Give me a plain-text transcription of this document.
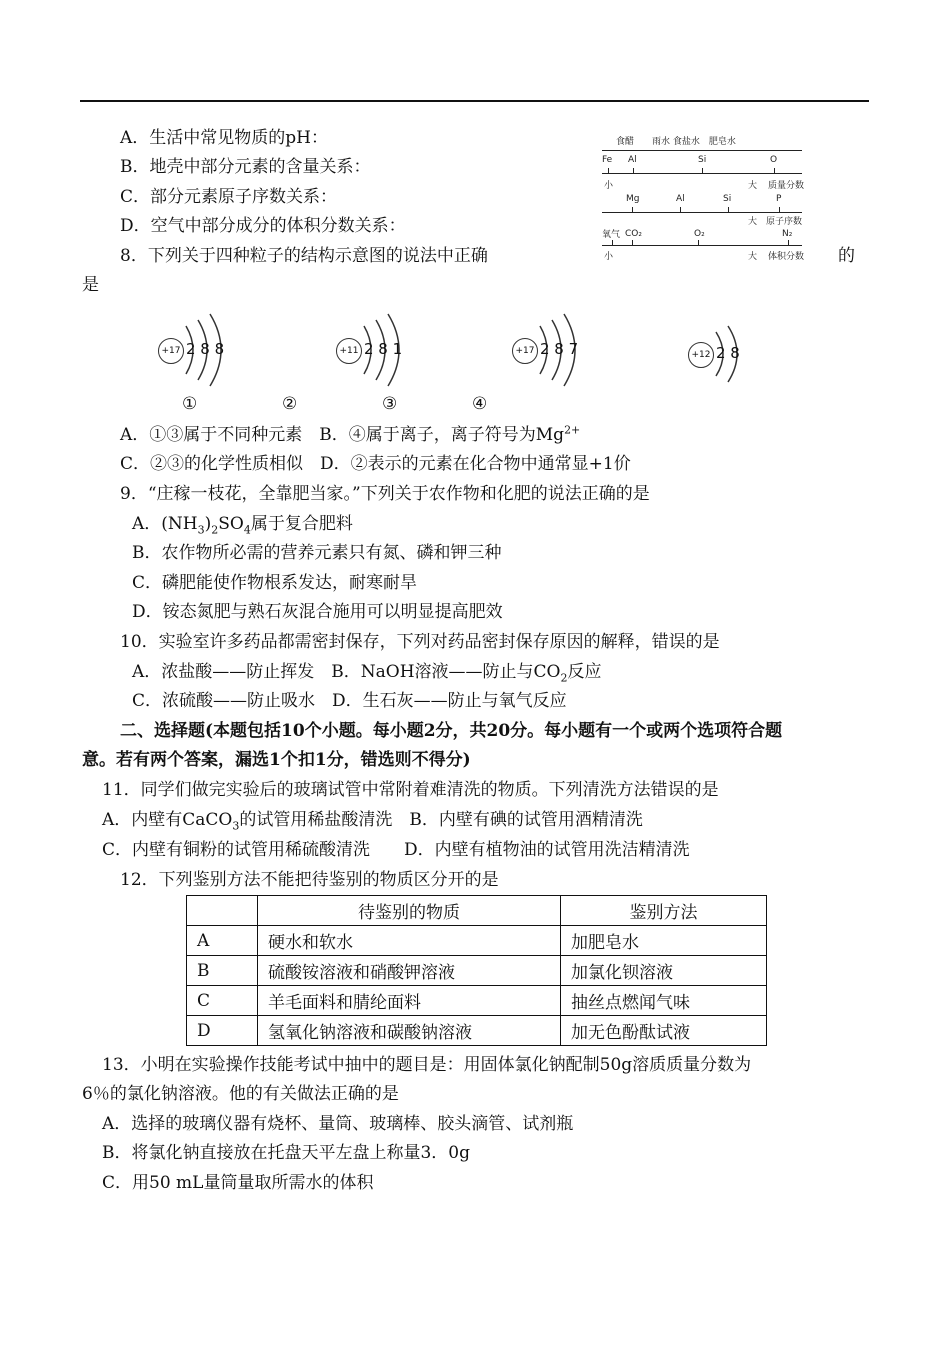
A．生活中常见物质的pH：
B．地壳中部分元素的含量关系：
C．部分元素原子序数关系：
D．空气中部分成分的体积分数关系：
食醋　　雨水 食盐水　肥皂水
Fe Al	Si	O
小	大 质量分数
Mg	Al	Si	P
大　原子序数
氧气 CO₂	O₂	N₂
小	大 体积分数
8．下列关于四种粒子的结构示意图的说法中正确	的
是
+17 2 8 8	+11 2 8 1	+17 2 8 7	+12 2 8
①	②	③	④
A．①③属于不同种元素　B．④属于离子，离子符号为$Mg^{2+}$
C．②③的化学性质相似　D．②表示的元素在化合物中通常显+1价
9．“庄稼一枝花，全靠肥当家。”下列关于农作物和化肥的说法正确的是
A．$(NH_3)_2SO_4$属于复合肥料
B．农作物所必需的营养元素只有氮、磷和钾三种
C．磷肥能使作物根系发达，耐寒耐旱
D．铵态氮肥与熟石灰混合施用可以明显提高肥效
10．实验室许多药品都需密封保存，下列对药品密封保存原因的解释，错误的是
A．浓盐酸——防止挥发　B．NaOH溶液——防止与$CO_2$反应
C．浓硫酸——防止吸水　D．生石灰——防止与氧气反应
二、选择题(本题包括10个小题。每小题2分，共20分。每小题有一个或两个选项符合题
意。若有两个答案，漏选1个扣1分，错选则不得分)
11．同学们做完实验后的玻璃试管中常附着难清洗的物质。下列清洗方法错误的是
A．内壁有CaCO$_3$的试管用稀盐酸清洗　B．内壁有碘的试管用酒精清洗
C．内壁有铜粉的试管用稀硫酸清洗　　D．内壁有植物油的试管用洗洁精清洗
12．下列鉴别方法不能把待鉴别的物质区分开的是
	待鉴别的物质	鉴别方法
A	硬水和软水	加肥皂水
B	硫酸铵溶液和硝酸钾溶液	加氯化钡溶液
C	羊毛面料和腈纶面料	抽丝点燃闻气味
D	氢氧化钠溶液和碳酸钠溶液	加无色酚酞试液
13．小明在实验操作技能考试中抽中的题目是：用固体氯化钠配制50g溶质质量分数为
6％的氯化钠溶液。他的有关做法正确的是
A．选择的玻璃仪器有烧杯、量筒、玻璃棒、胶头滴管、试剂瓶
B．将氯化钠直接放在托盘天平左盘上称量3．0g
C．用50 mL量筒量取所需水的体积
